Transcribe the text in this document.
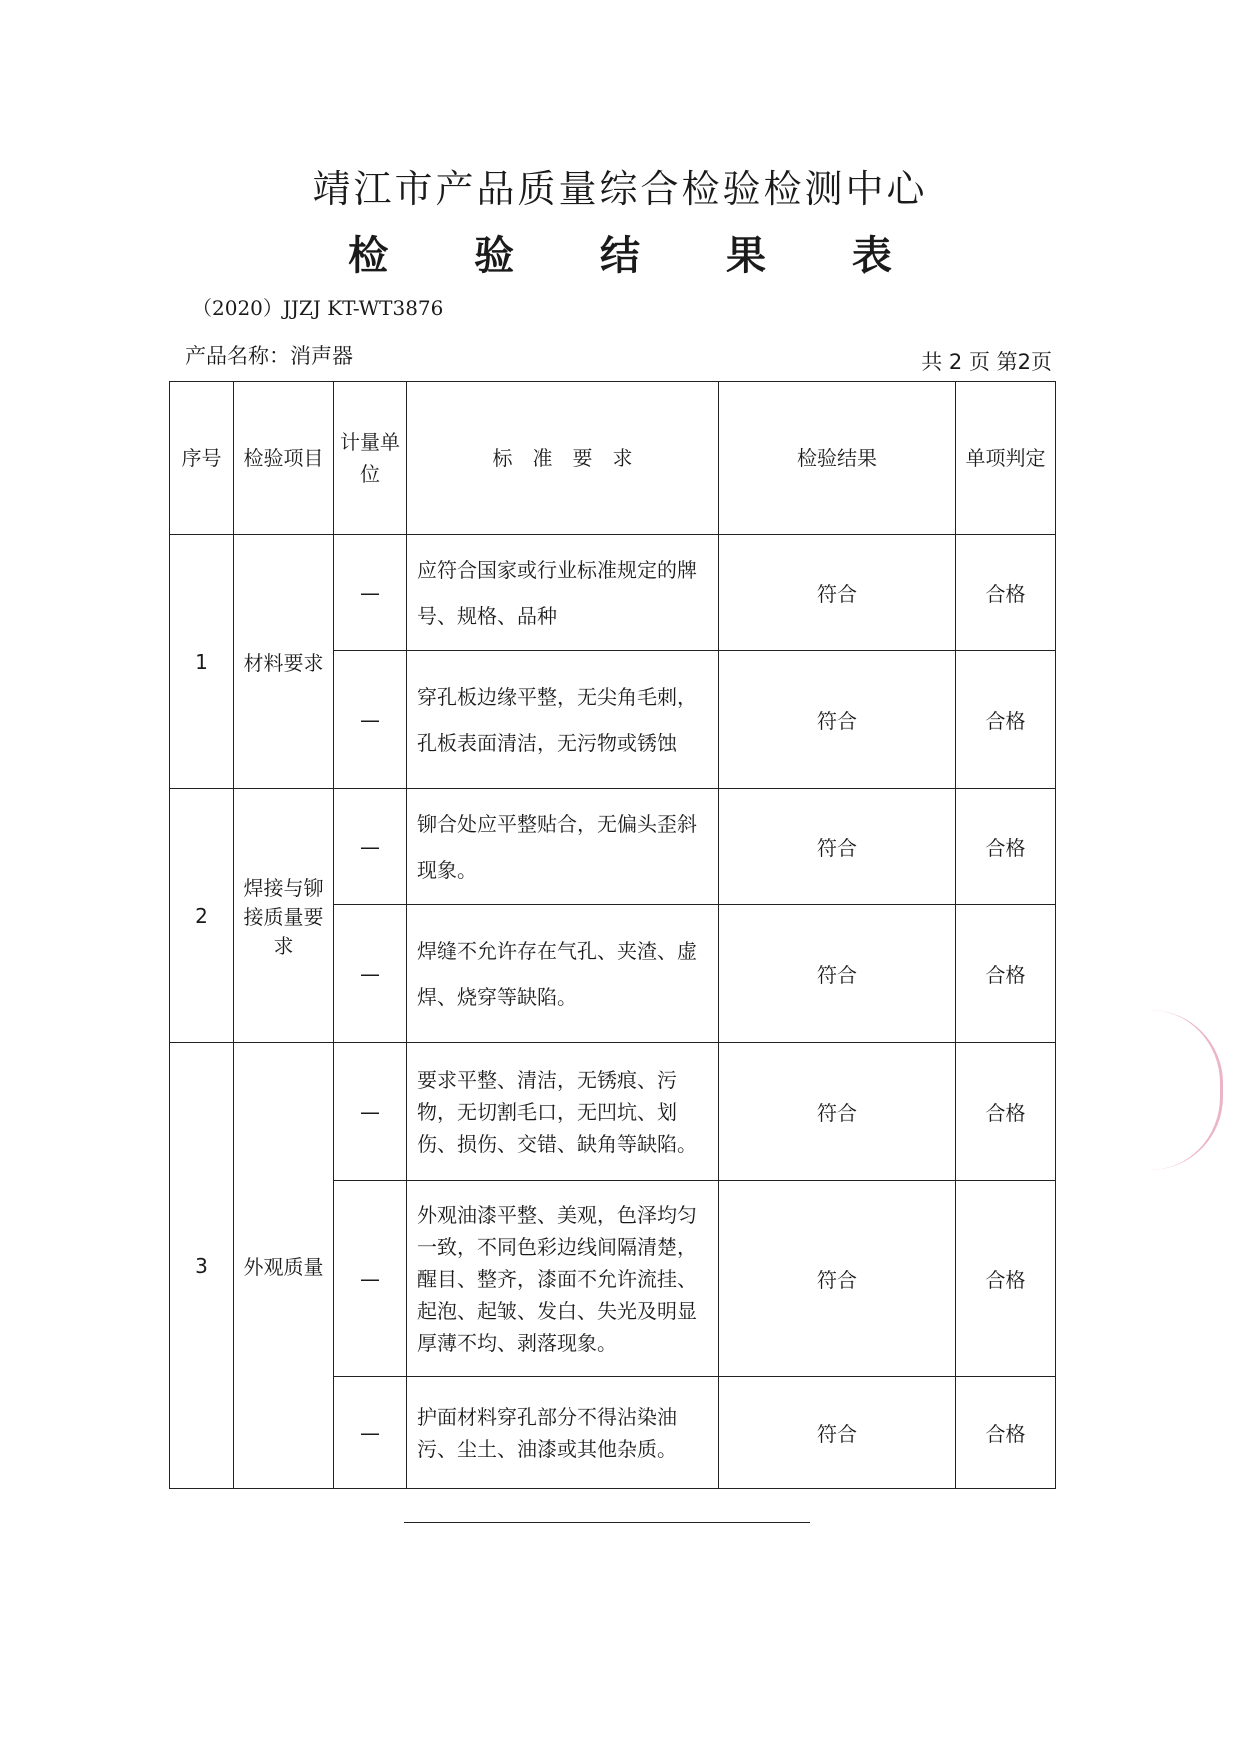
靖江市产品质量综合检验检测中心
检 验 结 果 表
（2020）JJZJ KT-WT3876
产品名称：消声器	共 2 页 第2页
序号	检验项目	计量单位	标　准　要　求	检验结果	单项判定
1	材料要求	—	应符合国家或行业标准规定的牌号、规格、品种	符合	合格
		—	穿孔板边缘平整，无尖角毛刺，孔板表面清洁，无污物或锈蚀	符合	合格
2	焊接与铆接质量要求	—	铆合处应平整贴合，无偏头歪斜现象。	符合	合格
		—	焊缝不允许存在气孔、夹渣、虚焊、烧穿等缺陷。	符合	合格
3	外观质量	—	要求平整、清洁，无锈痕、污物，无切割毛口，无凹坑、划伤、损伤、交错、缺角等缺陷。	符合	合格
		—	外观油漆平整、美观，色泽均匀一致，不同色彩边线间隔清楚，醒目、整齐，漆面不允许流挂、起泡、起皱、发白、失光及明显厚薄不均、剥落现象。	符合	合格
		—	护面材料穿孔部分不得沾染油污、尘土、油漆或其他杂质。	符合	合格
